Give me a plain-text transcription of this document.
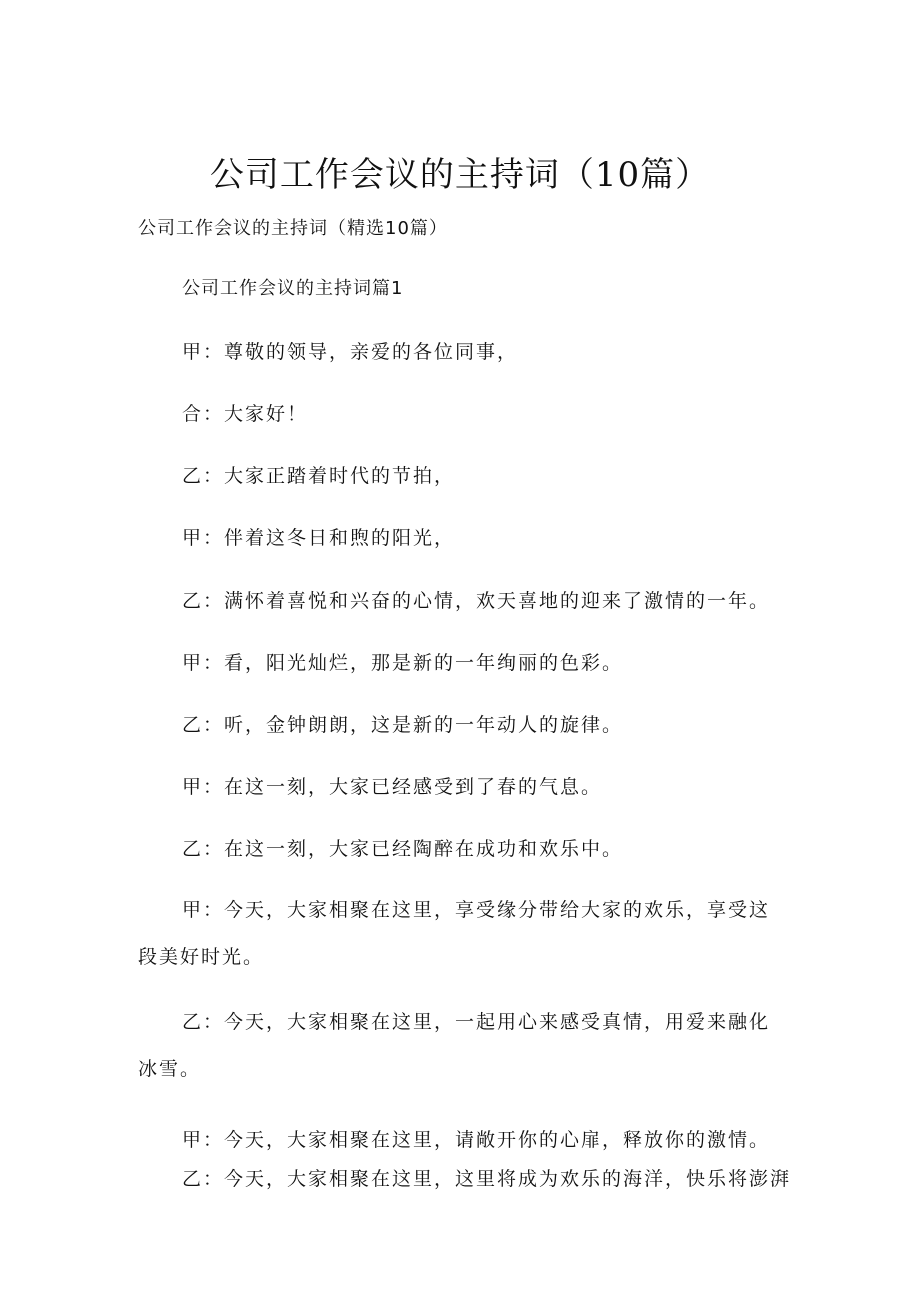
公司工作会议的主持词（10篇）
公司工作会议的主持词（精选10篇）
公司工作会议的主持词篇1
甲：尊敬的领导，亲爱的各位同事，
合：大家好！
乙：大家正踏着时代的节拍，
甲：伴着这冬日和煦的阳光，
乙：满怀着喜悦和兴奋的心情，欢天喜地的迎来了激情的一年。
甲：看，阳光灿烂，那是新的一年绚丽的色彩。
乙：听，金钟朗朗，这是新的一年动人的旋律。
甲：在这一刻，大家已经感受到了春的气息。
乙：在这一刻，大家已经陶醉在成功和欢乐中。

甲：今天，大家相聚在这里，享受缘分带给大家的欢乐，享受这段美好时光。

乙：今天，大家相聚在这里，一起用心来感受真情，用爱来融化冰雪。

甲：今天，大家相聚在这里，请敞开你的心扉，释放你的激情。
乙：今天，大家相聚在这里，这里将成为欢乐的海洋，快乐将澎湃
